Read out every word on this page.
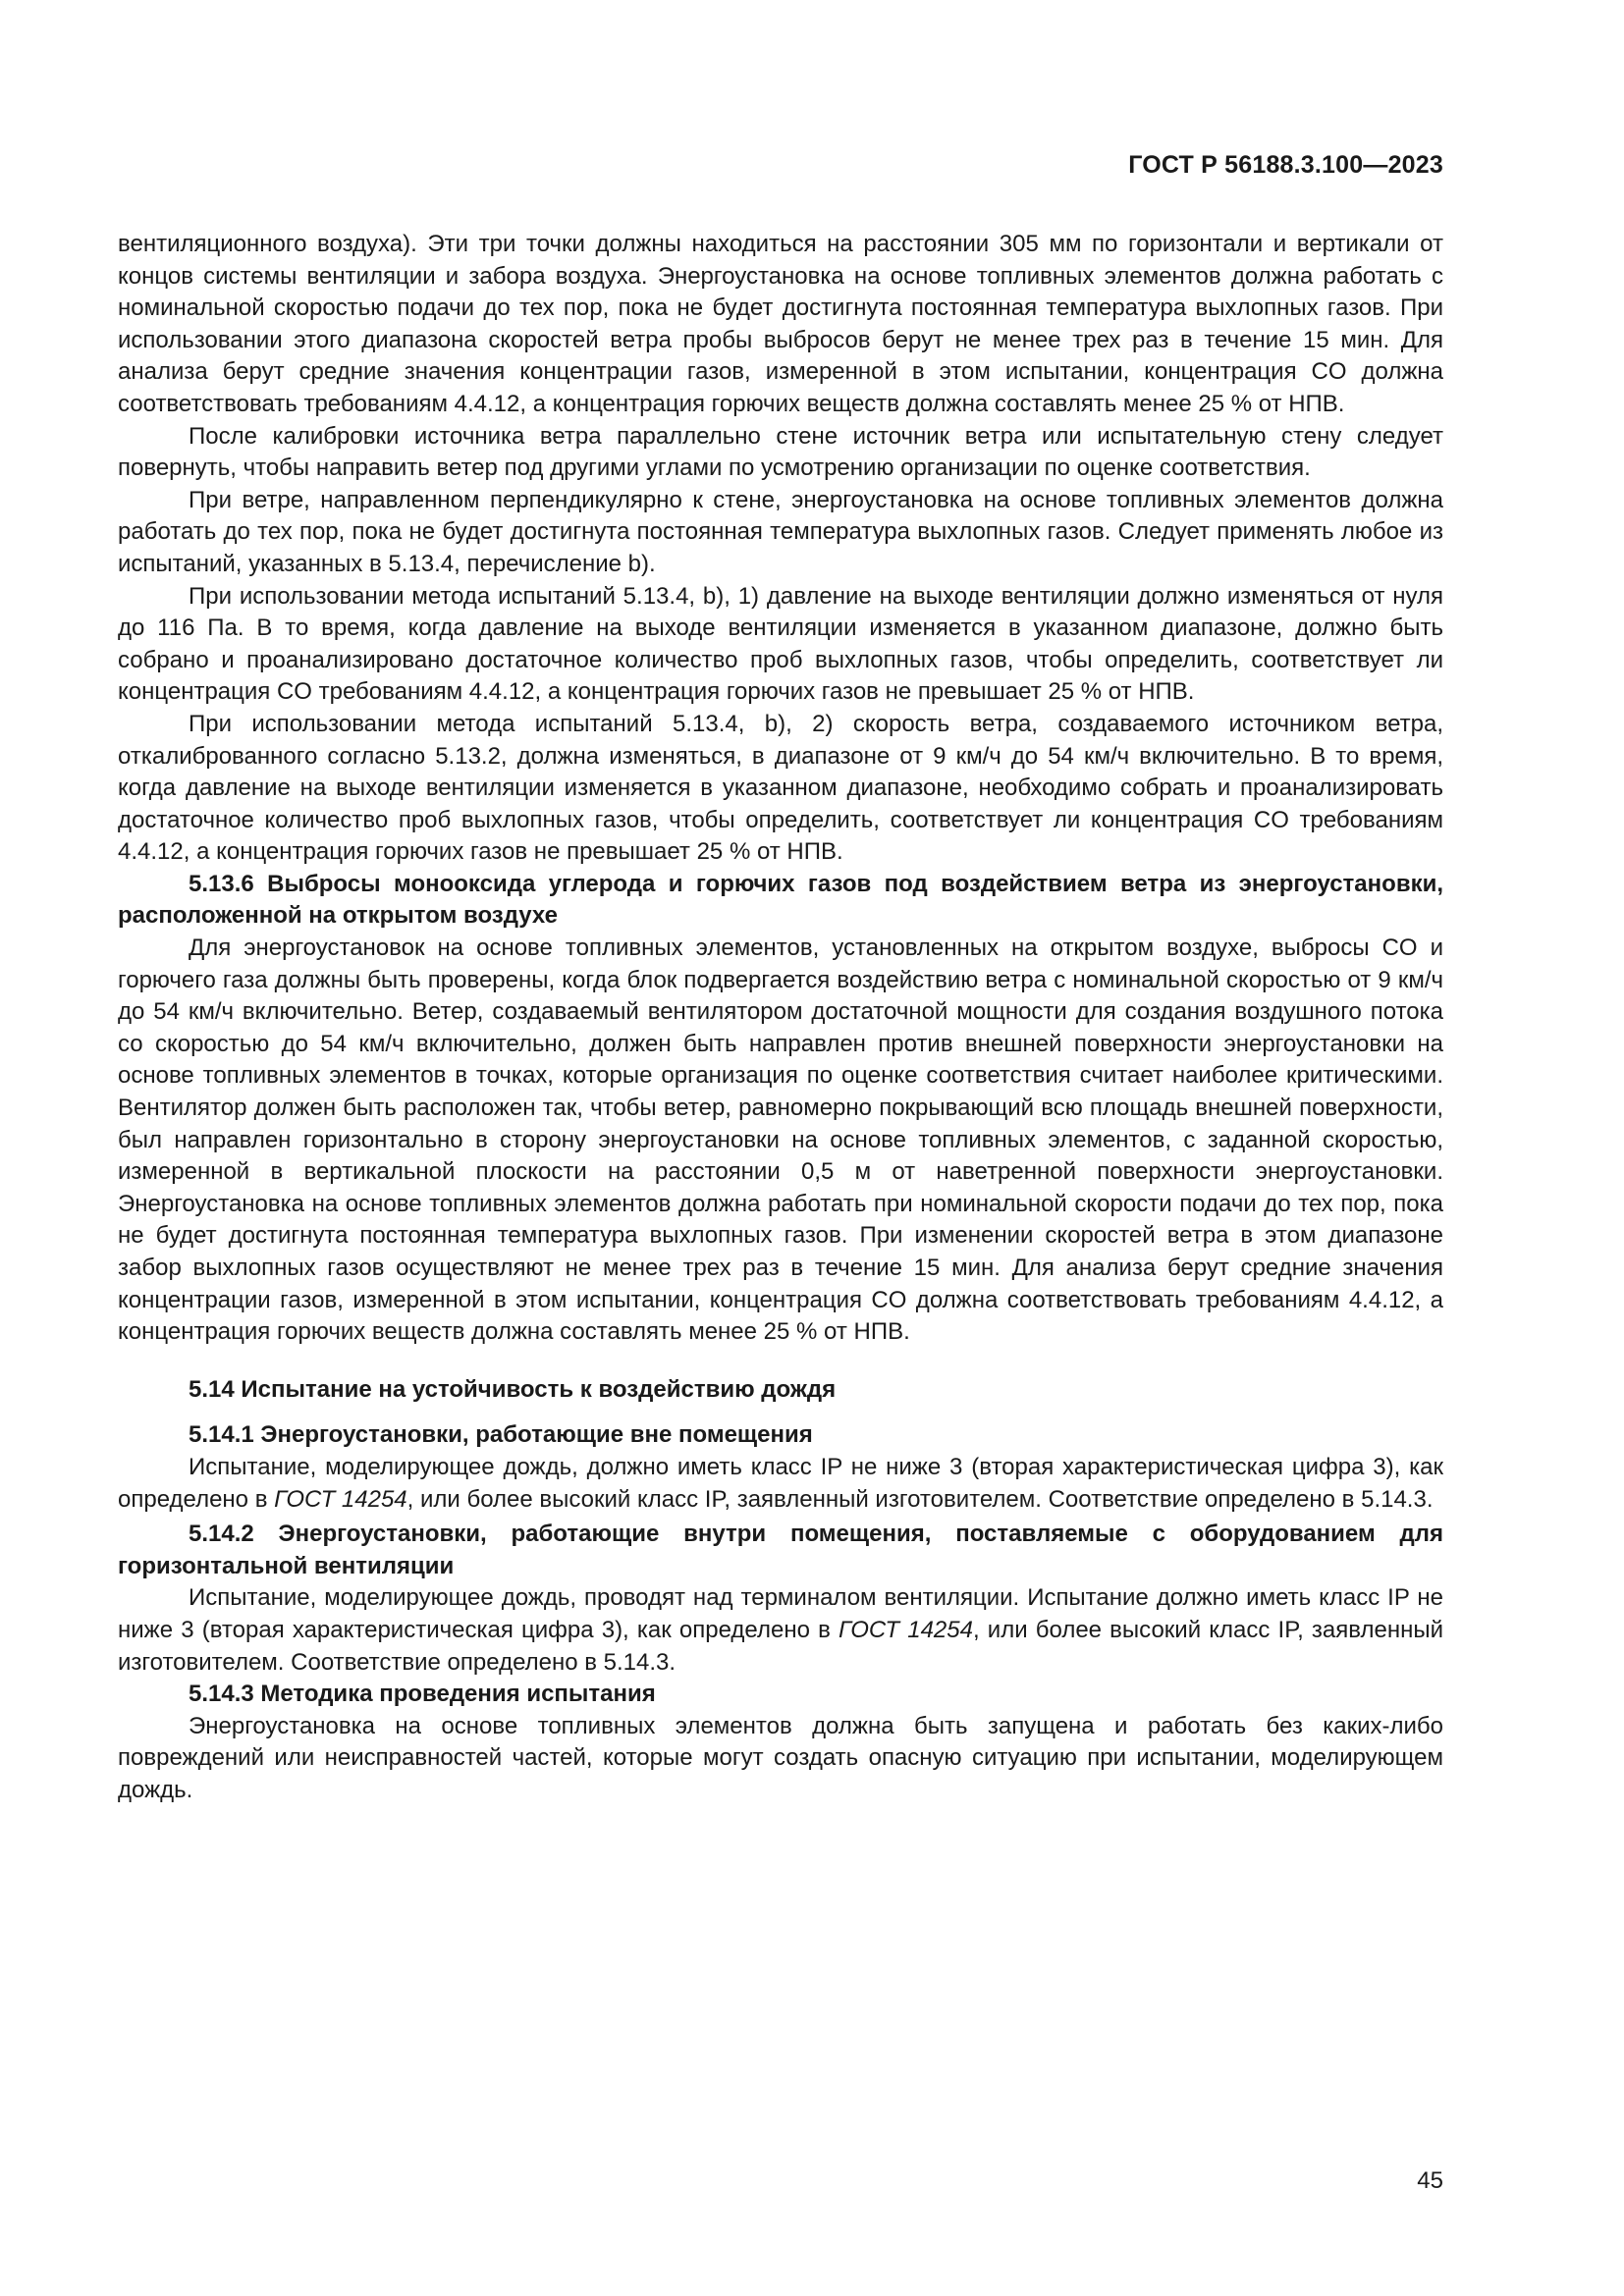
ГОСТ Р 56188.3.100—2023

вентиляционного воздуха). Эти три точки должны находиться на расстоянии 305 мм по горизонтали и вертикали от концов системы вентиляции и забора воздуха. Энергоустановка на основе топливных элементов должна работать с номинальной скоростью подачи до тех пор, пока не будет достигнута постоянная температура выхлопных газов. При использовании этого диапазона скоростей ветра пробы выбросов берут не менее трех раз в течение 15 мин. Для анализа берут средние значения концентрации газов, измеренной в этом испытании, концентрация CO должна соответствовать требованиям 4.4.12, а концентрация горючих веществ должна составлять менее 25 % от НПВ.

После калибровки источника ветра параллельно стене источник ветра или испытательную стену следует повернуть, чтобы направить ветер под другими углами по усмотрению организации по оценке соответствия.

При ветре, направленном перпендикулярно к стене, энергоустановка на основе топливных элементов должна работать до тех пор, пока не будет достигнута постоянная температура выхлопных газов. Следует применять любое из испытаний, указанных в 5.13.4, перечисление b).

При использовании метода испытаний 5.13.4, b), 1) давление на выходе вентиляции должно изменяться от нуля до 116 Па. В то время, когда давление на выходе вентиляции изменяется в указанном диапазоне, должно быть собрано и проанализировано достаточное количество проб выхлопных газов, чтобы определить, соответствует ли концентрация CO требованиям 4.4.12, а концентрация горючих газов не превышает 25 % от НПВ.

При использовании метода испытаний 5.13.4, b), 2) скорость ветра, создаваемого источником ветра, откалиброванного согласно 5.13.2, должна изменяться, в диапазоне от 9 км/ч до 54 км/ч включительно. В то время, когда давление на выходе вентиляции изменяется в указанном диапазоне, необходимо собрать и проанализировать достаточное количество проб выхлопных газов, чтобы определить, соответствует ли концентрация CO требованиям 4.4.12, а концентрация горючих газов не превышает 25 % от НПВ.

5.13.6 Выбросы монооксида углерода и горючих газов под воздействием ветра из энергоустановки, расположенной на открытом воздухе

Для энергоустановок на основе топливных элементов, установленных на открытом воздухе, выбросы CO и горючего газа должны быть проверены, когда блок подвергается воздействию ветра с номинальной скоростью от 9 км/ч до 54 км/ч включительно. Ветер, создаваемый вентилятором достаточной мощности для создания воздушного потока со скоростью до 54 км/ч включительно, должен быть направлен против внешней поверхности энергоустановки на основе топливных элементов в точках, которые организация по оценке соответствия считает наиболее критическими. Вентилятор должен быть расположен так, чтобы ветер, равномерно покрывающий всю площадь внешней поверхности, был направлен горизонтально в сторону энергоустановки на основе топливных элементов, с заданной скоростью, измеренной в вертикальной плоскости на расстоянии 0,5 м от наветренной поверхности энергоустановки. Энергоустановка на основе топливных элементов должна работать при номинальной скорости подачи до тех пор, пока не будет достигнута постоянная температура выхлопных газов. При изменении скоростей ветра в этом диапазоне забор выхлопных газов осуществляют не менее трех раз в течение 15 мин. Для анализа берут средние значения концентрации газов, измеренной в этом испытании, концентрация CO должна соответствовать требованиям 4.4.12, а концентрация горючих веществ должна составлять менее 25 % от НПВ.

5.14 Испытание на устойчивость к воздействию дождя

5.14.1 Энергоустановки, работающие вне помещения

Испытание, моделирующее дождь, должно иметь класс IP не ниже 3 (вторая характеристическая цифра 3), как определено в ГОСТ 14254, или более высокий класс IP, заявленный изготовителем. Соответствие определено в 5.14.3.

5.14.2 Энергоустановки, работающие внутри помещения, поставляемые с оборудованием для горизонтальной вентиляции

Испытание, моделирующее дождь, проводят над терминалом вентиляции. Испытание должно иметь класс IP не ниже 3 (вторая характеристическая цифра 3), как определено в ГОСТ 14254, или более высокий класс IP, заявленный изготовителем. Соответствие определено в 5.14.3.

5.14.3 Методика проведения испытания

Энергоустановка на основе топливных элементов должна быть запущена и работать без каких-либо повреждений или неисправностей частей, которые могут создать опасную ситуацию при испытании, моделирующем дождь.

45
